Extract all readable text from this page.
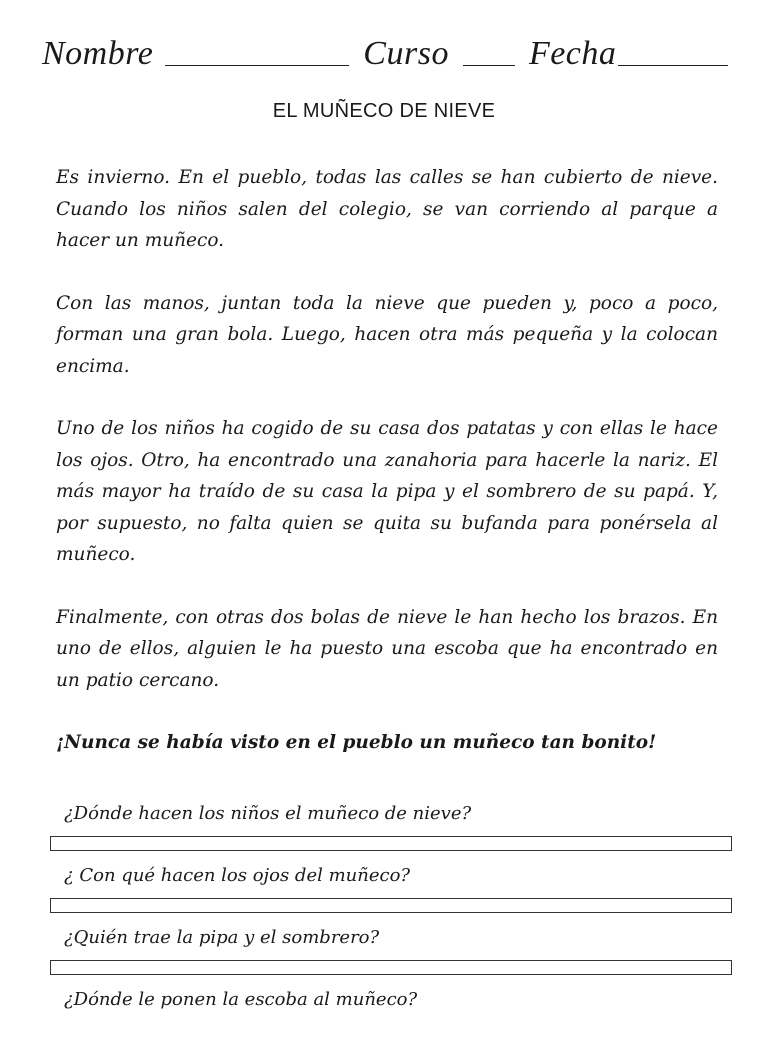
Nombre	Curso Fecha
EL MUÑECO DE NIEVE

Es invierno. En el pueblo, todas las calles se han cubierto de nieve. Cuando los niños salen del colegio, se van corriendo al parque a hacer un muñeco.

Con las manos, juntan toda la nieve que pueden y, poco a poco, forman una gran bola. Luego, hacen otra más pequeña y la colocan encima.

Uno de los niños ha cogido de su casa dos patatas y con ellas le hace los ojos. Otro, ha encontrado una zanahoria para hacerle la nariz. El más mayor ha traído de su casa la pipa y el sombrero de su papá. Y, por supuesto, no falta quien se quita su bufanda para ponérsela al muñeco.

Finalmente, con otras dos bolas de nieve le han hecho los brazos. En uno de ellos, alguien le ha puesto una escoba que ha encontrado en un patio cercano.

¡Nunca se había visto en el pueblo un muñeco tan bonito!

¿Dónde hacen los niños el muñeco de nieve?
¿ Con qué hacen los ojos del muñeco?
¿Quién trae la pipa y el sombrero?
¿Dónde le ponen la escoba al muñeco?
